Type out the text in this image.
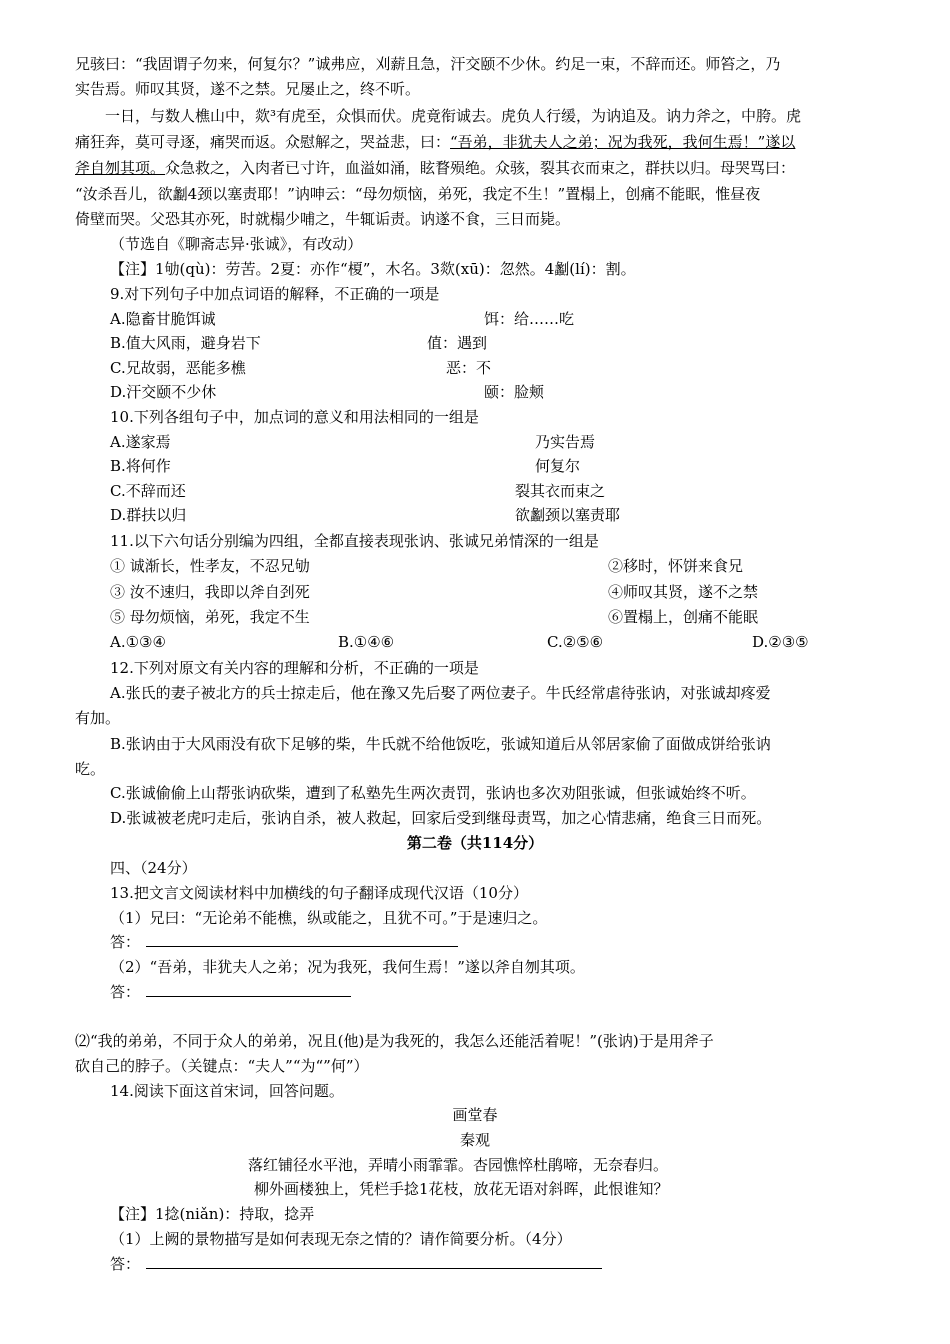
兄骇曰：“我固谓子勿来，何复尔？”诚弗应，刈薪且急，汗交颐不少休。约足一束，不辞而还。师笞之，乃
实告焉。师叹其贤，遂不之禁。兄屡止之，终不听。
一日，与数人樵山中，欻³有虎至，众惧而伏。虎竟衔诚去。虎负人行缓，为讷追及。讷力斧之，中胯。虎
痛狂奔，莫可寻逐，痛哭而返。众慰解之，哭益悲，曰：“吾弟，非犹夫人之弟；况为我死，我何生焉！”遂以
斧自刎其项。众急救之，入肉者已寸许，血溢如涌，眩瞀殒绝。众骇，裂其衣而束之，群扶以归。母哭骂曰：
“汝杀吾儿，欲劙4颈以塞责耶！”讷呻云：“母勿烦恼，弟死，我定不生！”置榻上，创痛不能眠，惟昼夜
倚壁而哭。父恐其亦死，时就榻少哺之，牛辄诟责。讷遂不食，三日而毙。
（节选自《聊斋志异·张诚》，有改动）
【注】1劬(qù)：劳苦。2夏：亦作“榎”，木名。3欻(xū)：忽然。4劙(lí)：割。
9.对下列句子中加点词语的解释，不正确的一项是
A.隐畜甘脆饵诚	饵：给……吃
B.值大风雨，避身岩下	值：遇到
C.兄故弱，恶能多樵	恶：不
D.汗交颐不少休	颐：脸颊
10.下列各组句子中，加点词的意义和用法相同的一组是
A.遂家焉	乃实告焉
B.将何作	何复尔
C.不辞而还	裂其衣而束之
D.群扶以归	欲劙颈以塞责耶
11.以下六句话分别编为四组，全都直接表现张讷、张诚兄弟情深的一组是
① 诚渐长，性孝友，不忍兄劬	②移时，怀饼来食兄
③ 汝不速归，我即以斧自刭死	④师叹其贤，遂不之禁
⑤ 母勿烦恼，弟死，我定不生	⑥置榻上，创痛不能眠
A.①③④	B.①④⑥	C.②⑤⑥	D.②③⑤
12.下列对原文有关内容的理解和分析，不正确的一项是
A.张氏的妻子被北方的兵士掠走后，他在豫又先后娶了两位妻子。牛氏经常虐待张讷，对张诚却疼爱
有加。
B.张讷由于大风雨没有砍下足够的柴，牛氏就不给他饭吃，张诚知道后从邻居家偷了面做成饼给张讷
吃。
C.张诚偷偷上山帮张讷砍柴，遭到了私塾先生两次责罚，张讷也多次劝阻张诚，但张诚始终不听。
D.张诚被老虎叼走后，张讷自杀，被人救起，回家后受到继母责骂，加之心情悲痛，绝食三日而死。
第二卷（共114分）
四、（24分）
13.把文言文阅读材料中加横线的句子翻译成现代汉语（10分）
（1）兄曰：“无论弟不能樵，纵或能之，且犹不可。”于是速归之。
答：
（2）“吾弟，非犹夫人之弟；况为我死，我何生焉！”遂以斧自刎其项。
答：
⑵“我的弟弟，不同于众人的弟弟，况且(他)是为我死的，我怎么还能活着呢！”(张讷)于是用斧子
砍自己的脖子。（关键点：“夫人”“为“”何”）
14.阅读下面这首宋词，回答问题。
画堂春
秦观
落红铺径水平池，弄晴小雨霏霏。杏园憔悴杜鹃啼，无奈春归。
柳外画楼独上，凭栏手捻1花枝，放花无语对斜晖，此恨谁知？
【注】1捻(niǎn)：持取，捻弄
（1）上阙的景物描写是如何表现无奈之情的？请作简要分析。（4分）
答：
